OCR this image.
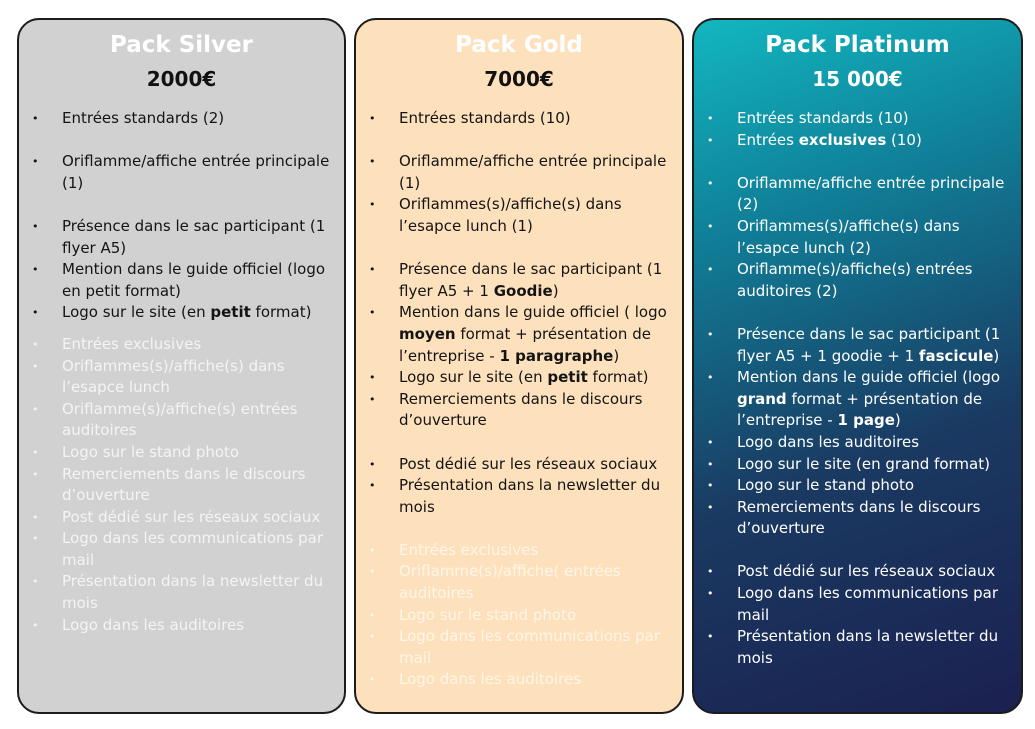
Pack Silver
2000€
• Entrées standards (2)
• Oriflamme/affiche entrée principale (1)
• Présence dans le sac participant (1 flyer A5)
• Mention dans le guide officiel (logo en petit format)
• Logo sur le site (en petit format)
• Entrées exclusives
• Oriflammes(s)/affiche(s) dans l’esapce lunch
• Oriflamme(s)/affiche(s) entrées auditoires
• Logo sur le stand photo
• Remerciements dans le discours d’ouverture
• Post dédié sur les réseaux sociaux
• Logo dans les communications par mail
• Présentation dans la newsletter du mois
• Logo dans les auditoires
Pack Gold
7000€
• Entrées standards (10)
• Oriflamme/affiche entrée principale (1)
• Oriflammes(s)/affiche(s) dans l’esapce lunch (1)
• Présence dans le sac participant (1 flyer A5 + 1 Goodie)
• Mention dans le guide officiel ( logo moyen format + présentation de l’entreprise - 1 paragraphe)
• Logo sur le site (en petit format)
• Remerciements dans le discours d’ouverture
• Post dédié sur les réseaux sociaux
• Présentation dans la newsletter du mois
• Entrées exclusives
• Oriflamme(s)/affiche( entrées auditoires
• Logo sur le stand photo
• Logo dans les communications par mail
• Logo dans les auditoires
Pack Platinum
15 000€
• Entrées standards (10)
• Entrées exclusives (10)
• Oriflamme/affiche entrée principale (2)
• Oriflammes(s)/affiche(s) dans l’esapce lunch (2)
• Oriflamme(s)/affiche(s) entrées auditoires (2)
• Présence dans le sac participant (1 flyer A5 + 1 goodie + 1 fascicule)
• Mention dans le guide officiel (logo grand format + présentation de l’entreprise - 1 page)
• Logo dans les auditoires
• Logo sur le site (en grand format)
• Logo sur le stand photo
• Remerciements dans le discours d’ouverture
• Post dédié sur les réseaux sociaux
• Logo dans les communications par mail
• Présentation dans la newsletter du mois
